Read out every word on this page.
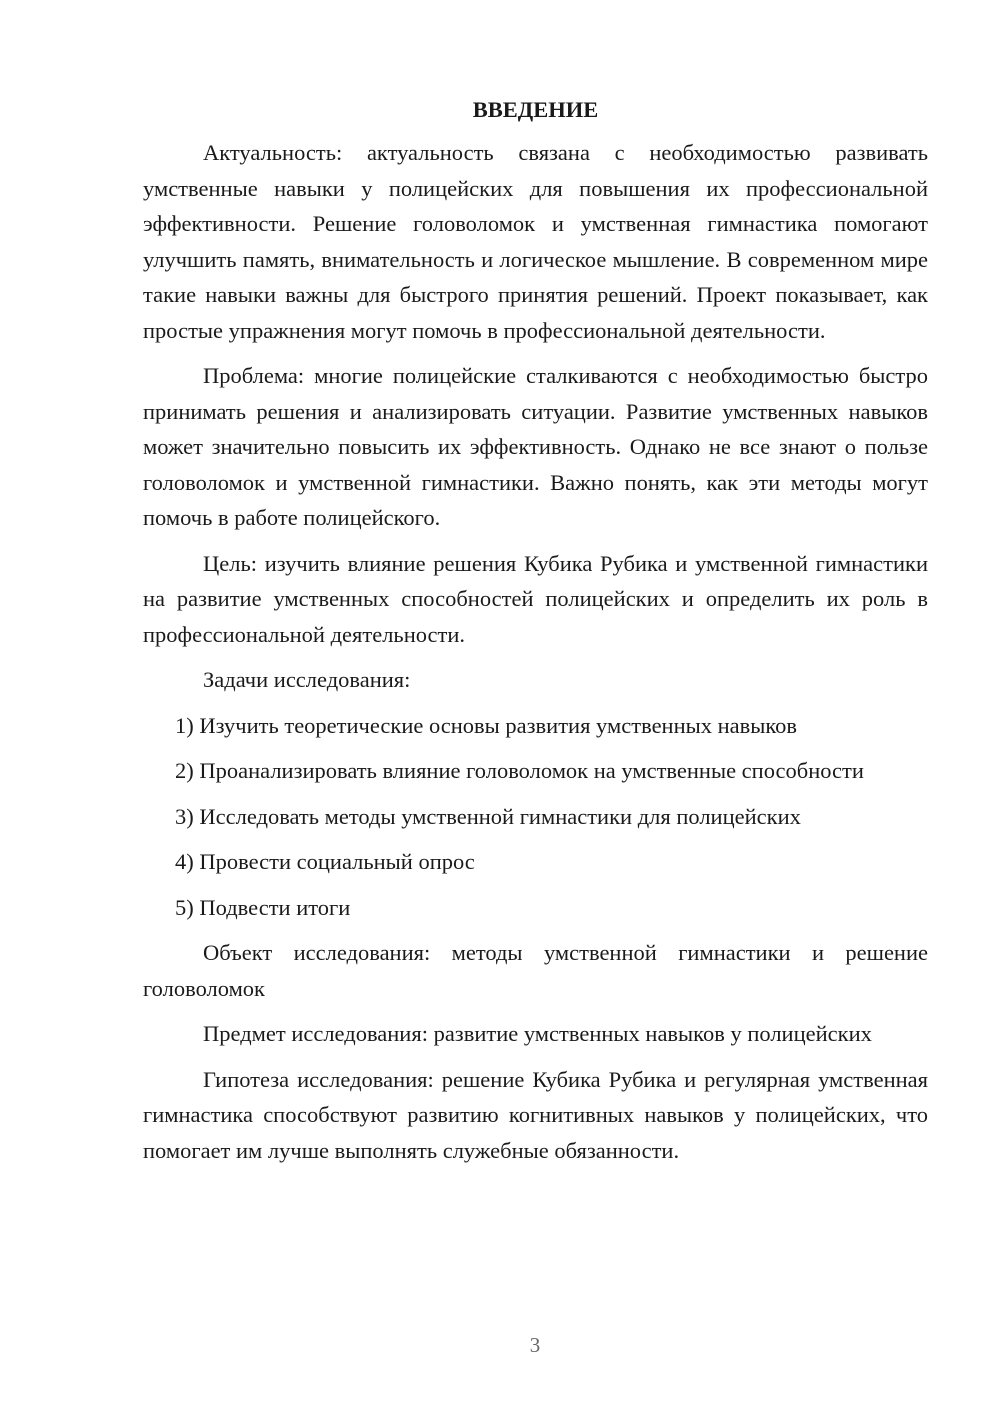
ВВЕДЕНИЕ

Актуальность: актуальность связана с необходимостью развивать умственные навыки у полицейских для повышения их профессиональной эффективности. Решение головоломок и умственная гимнастика помогают улучшить память, внимательность и логическое мышление. В современном мире такие навыки важны для быстрого принятия решений. Проект показывает, как простые упражнения могут помочь в профессиональной деятельности.

Проблема: многие полицейские сталкиваются с необходимостью быстро принимать решения и анализировать ситуации. Развитие умственных навыков может значительно повысить их эффективность. Однако не все знают о пользе головоломок и умственной гимнастики. Важно понять, как эти методы могут помочь в работе полицейского.

Цель: изучить влияние решения Кубика Рубика и умственной гимнастики на развитие умственных способностей полицейских и определить их роль в профессиональной деятельности.

Задачи исследования:

1) Изучить теоретические основы развития умственных навыков

2) Проанализировать влияние головоломок на умственные способности

3) Исследовать методы умственной гимнастики для полицейских

4) Провести социальный опрос

5) Подвести итоги

Объект исследования: методы умственной гимнастики и решение головоломок

Предмет исследования: развитие умственных навыков у полицейских

Гипотеза исследования: решение Кубика Рубика и регулярная умственная гимнастика способствуют развитию когнитивных навыков у полицейских, что помогает им лучше выполнять служебные обязанности.

3
